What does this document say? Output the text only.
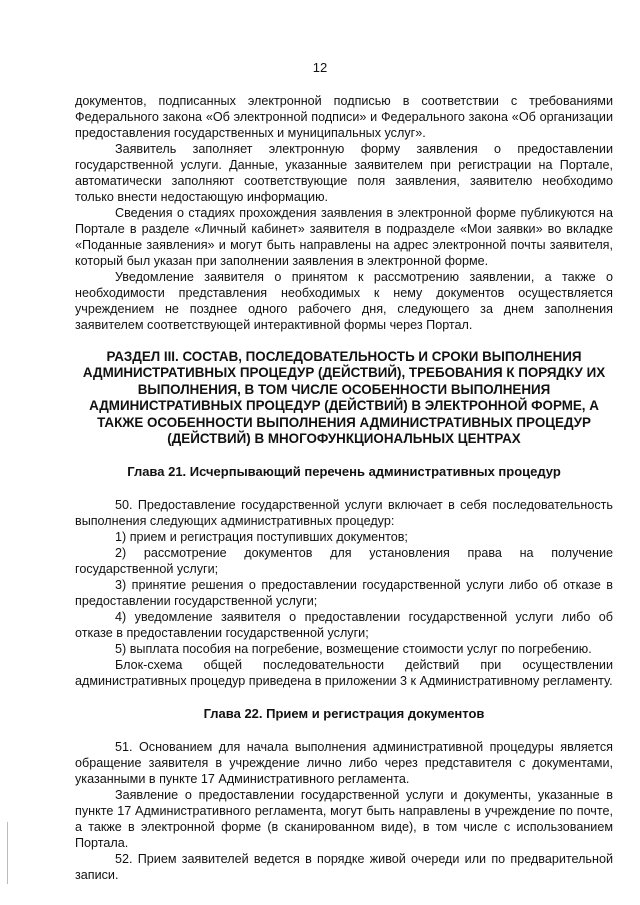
12

документов, подписанных электронной подписью в соответствии с требованиями Федерального закона «Об электронной подписи» и Федерального закона «Об организации предоставления государственных и муниципальных услуг».

Заявитель заполняет электронную форму заявления о предоставлении государственной услуги. Данные, указанные заявителем при регистрации на Портале, автоматически заполняют соответствующие поля заявления, заявителю необходимо только внести недостающую информацию.

Сведения о стадиях прохождения заявления в электронной форме публикуются на Портале в разделе «Личный кабинет» заявителя в подразделе «Мои заявки» во вкладке «Поданные заявления» и могут быть направлены на адрес электронной почты заявителя, который был указан при заполнении заявления в электронной форме.

Уведомление заявителя о принятом к рассмотрению заявлении, а также о необходимости представления необходимых к нему документов осуществляется учреждением не позднее одного рабочего дня, следующего за днем заполнения заявителем соответствующей интерактивной формы через Портал.

РАЗДЕЛ III. СОСТАВ, ПОСЛЕДОВАТЕЛЬНОСТЬ И СРОКИ ВЫПОЛНЕНИЯ АДМИНИСТРАТИВНЫХ ПРОЦЕДУР (ДЕЙСТВИЙ), ТРЕБОВАНИЯ К ПОРЯДКУ ИХ ВЫПОЛНЕНИЯ, В ТОМ ЧИСЛЕ ОСОБЕННОСТИ ВЫПОЛНЕНИЯ АДМИНИСТРАТИВНЫХ ПРОЦЕДУР (ДЕЙСТВИЙ) В ЭЛЕКТРОННОЙ ФОРМЕ, А ТАКЖЕ ОСОБЕННОСТИ ВЫПОЛНЕНИЯ АДМИНИСТРАТИВНЫХ ПРОЦЕДУР (ДЕЙСТВИЙ) В МНОГОФУНКЦИОНАЛЬНЫХ ЦЕНТРАХ
Глава 21. Исчерпывающий перечень административных процедур

50. Предоставление государственной услуги включает в себя последовательность выполнения следующих административных процедур:

1) прием и регистрация поступивших документов;

2) рассмотрение документов для установления права на получение государственной услуги;

3) принятие решения о предоставлении государственной услуги либо об отказе в предоставлении государственной услуги;

4) уведомление заявителя о предоставлении государственной услуги либо об отказе в предоставлении государственной услуги;

5) выплата пособия на погребение, возмещение стоимости услуг по погребению.

Блок-схема общей последовательности действий при осуществлении административных процедур приведена в приложении 3 к Административному регламенту.

Глава 22. Прием и регистрация документов

51. Основанием для начала выполнения административной процедуры является обращение заявителя в учреждение лично либо через представителя с документами, указанными в пункте 17 Административного регламента.

Заявление о предоставлении государственной услуги и документы, указанные в пункте 17 Административного регламента, могут быть направлены в учреждение по почте, а также в электронной форме (в сканированном виде), в том числе с использованием Портала.

52. Прием заявителей ведется в порядке живой очереди или по предварительной записи.
